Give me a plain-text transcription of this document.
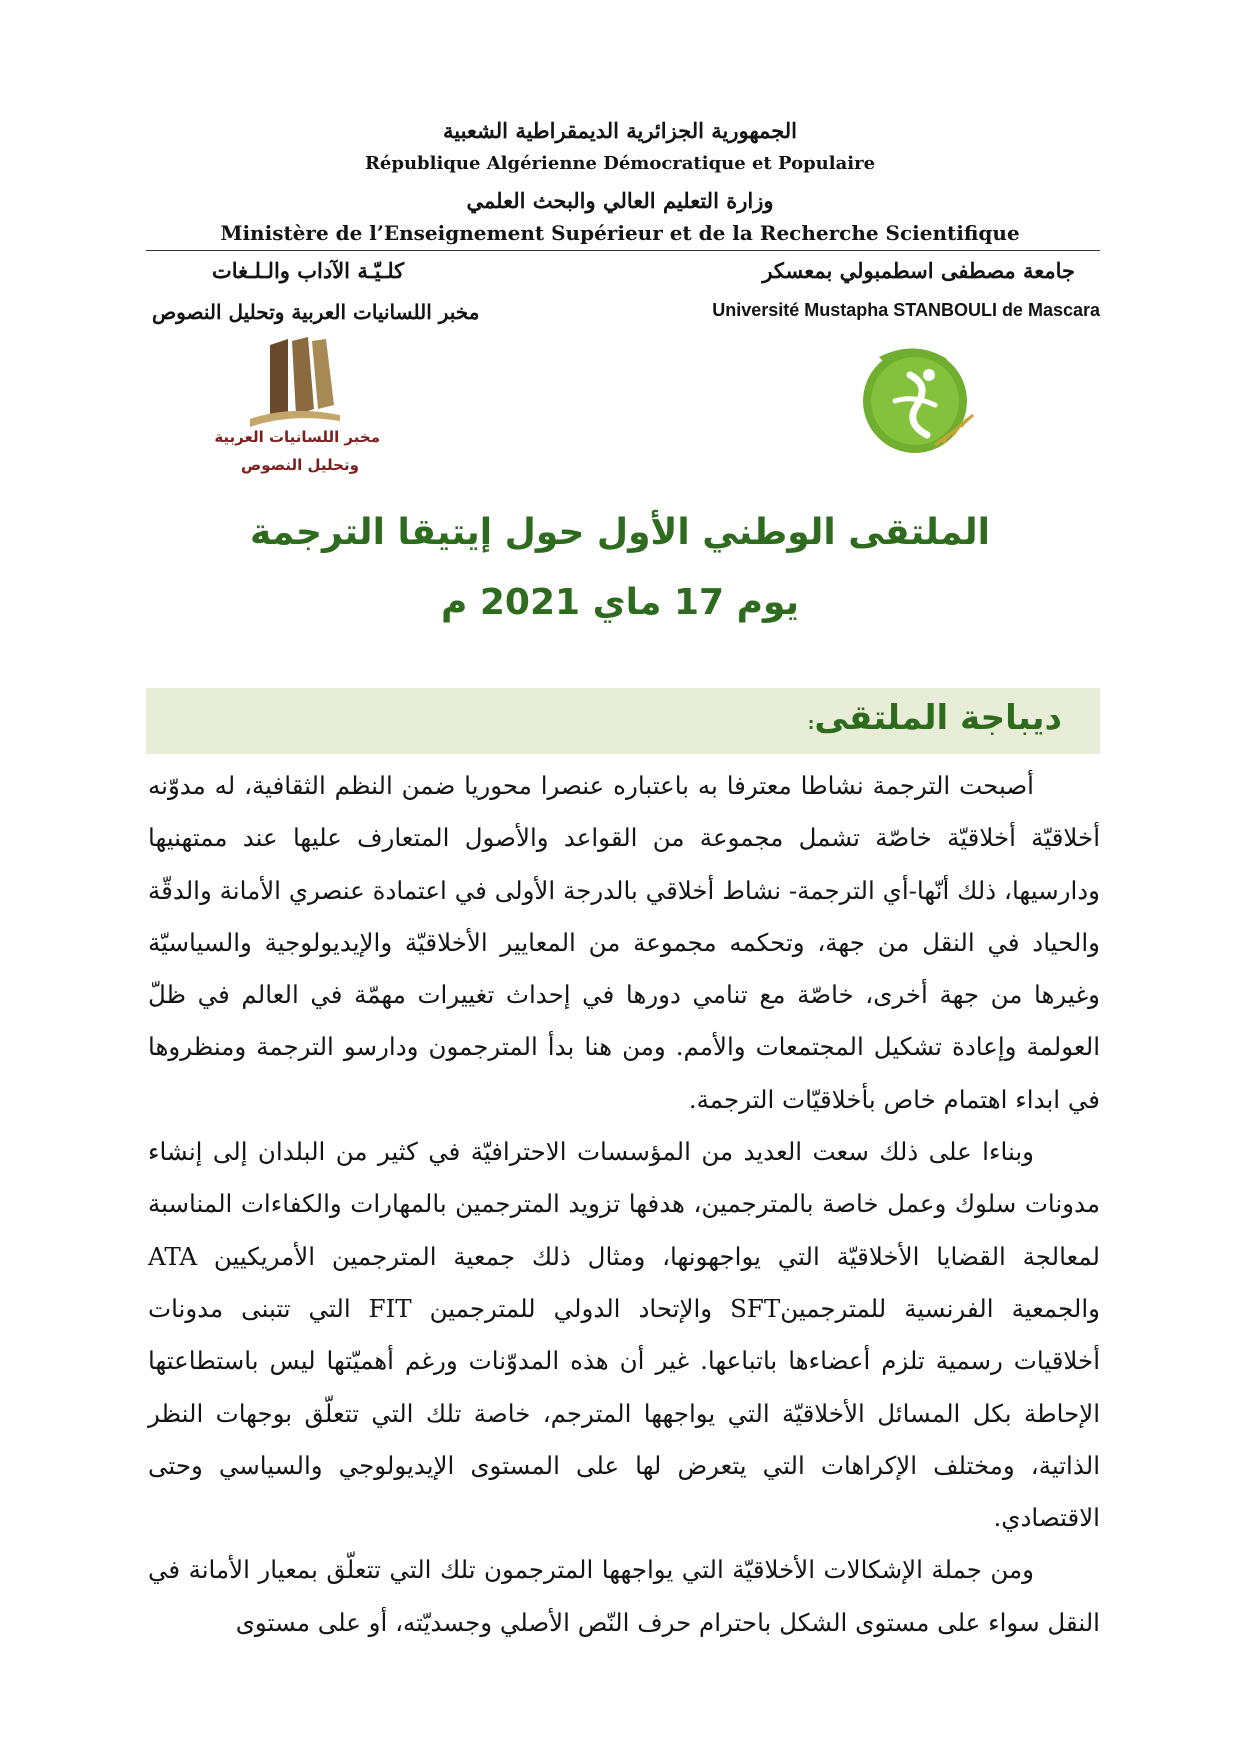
الجمهورية الجزائرية الديمقراطية الشعبية
République Algérienne Démocratique et Populaire
وزارة التعليم العالي والبحث العلمي
Ministère de l’Enseignement Supérieur et de la Recherche Scientifique
جامعة مصطفى اسطمبولي بمعسكر
Université Mustapha STANBOULI de Mascara
كلـيّـة الآداب والـلـغات
مخبر اللسانيات العربية وتحليل النصوص
مخبر اللسانيات العربية
وتحليل النصوص
الملتقى الوطني الأول حول إيتيقا الترجمة
يوم 17 ماي 2021 م
ديباجة الملتقى:

أصبحت الترجمة نشاطا معترفا به باعتباره عنصرا محوريا ضمن النظم الثقافية، له مدوّنه أخلاقيّة أخلاقيّة خاصّة تشمل مجموعة من القواعد والأصول المتعارف عليها عند ممتهنيها ودارسيها، ذلك أنّها-أي الترجمة- نشاط أخلاقي بالدرجة الأولى في اعتمادة عنصري الأمانة والدقّة والحياد في النقل من جهة، وتحكمه مجموعة من المعايير الأخلاقيّة والإيديولوجية والسياسيّة وغيرها من جهة أخرى، خاصّة مع تنامي دورها في إحداث تغييرات مهمّة في العالم في ظلّ العولمة وإعادة تشكيل المجتمعات والأمم. ومن هنا بدأ المترجمون ودارسو الترجمة ومنظروها في ابداء اهتمام خاص بأخلاقيّات الترجمة.

وبناءا على ذلك سعت العديد من المؤسسات الاحترافيّة في كثير من البلدان إلى إنشاء مدونات سلوك وعمل خاصة بالمترجمين، هدفها تزويد المترجمين بالمهارات والكفاءات المناسبة لمعالجة القضايا الأخلاقيّة التي يواجهونها، ومثال ذلك جمعية المترجمين الأمريكيين ATA والجمعية الفرنسية للمترجمينSFT والإتحاد الدولي للمترجمين FIT التي تتبنى مدونات أخلاقيات رسمية تلزم أعضاءها باتباعها. غير أن هذه المدوّنات ورغم أهميّتها ليس باستطاعتها الإحاطة بكل المسائل الأخلاقيّة التي يواجهها المترجم، خاصة تلك التي تتعلّق بوجهات النظر الذاتية، ومختلف الإكراهات التي يتعرض لها على المستوى الإيديولوجي والسياسي وحتى الاقتصادي.

ومن جملة الإشكالات الأخلاقيّة التي يواجهها المترجمون تلك التي تتعلّق بمعيار الأمانة في النقل سواء على مستوى الشكل باحترام حرف النّص الأصلي وجسديّته، أو على مستوى
